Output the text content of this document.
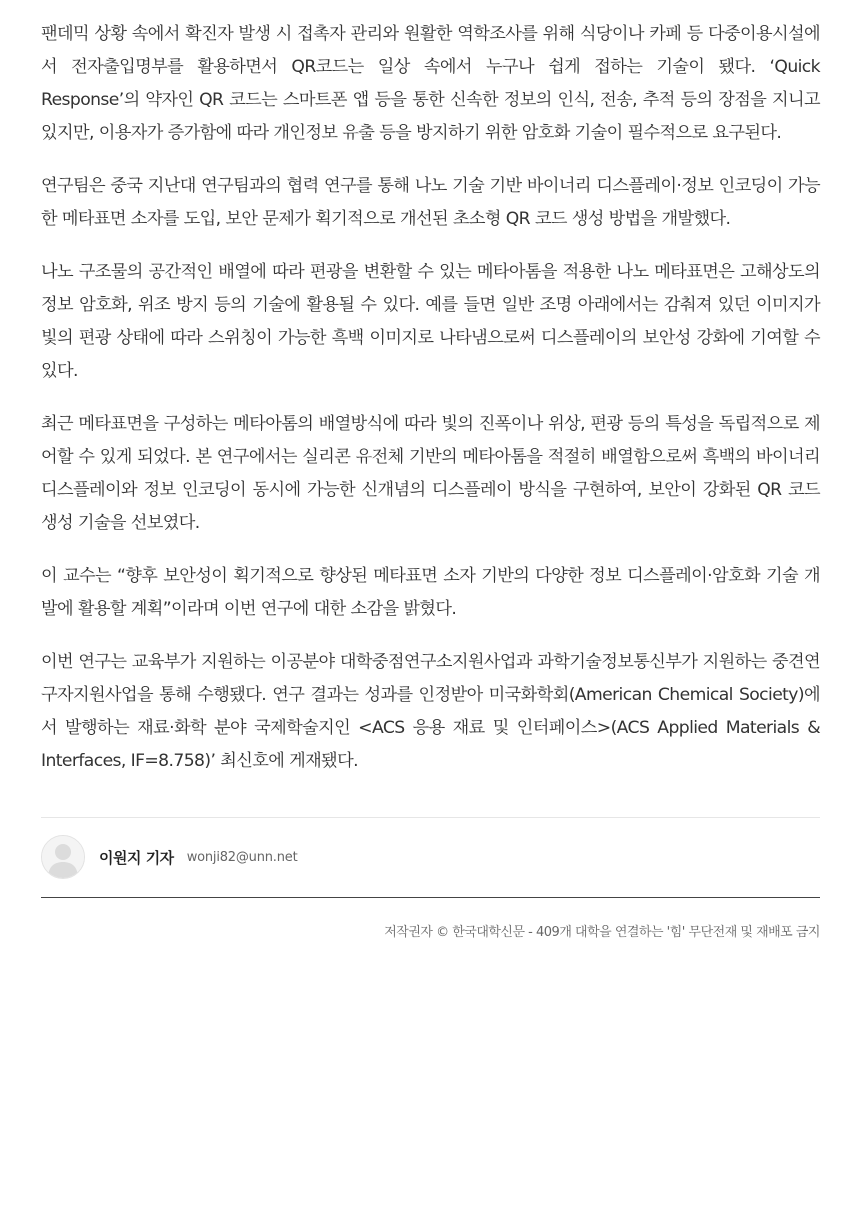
팬데믹 상황 속에서 확진자 발생 시 접촉자 관리와 원활한 역학조사를 위해 식당이나 카페 등 다중이용시설에서 전자출입명부를 활용하면서 QR코드는 일상 속에서 누구나 쉽게 접하는 기술이 됐다. ‘Quick Response’의 약자인 QR 코드는 스마트폰 앱 등을 통한 신속한 정보의 인식, 전송, 추적 등의 장점을 지니고 있지만, 이용자가 증가함에 따라 개인정보 유출 등을 방지하기 위한 암호화 기술이 필수적으로 요구된다.

연구팀은 중국 지난대 연구팀과의 협력 연구를 통해 나노 기술 기반 바이너리 디스플레이·정보 인코딩이 가능한 메타표면 소자를 도입, 보안 문제가 획기적으로 개선된 초소형 QR 코드 생성 방법을 개발했다.

나노 구조물의 공간적인 배열에 따라 편광을 변환할 수 있는 메타아톰을 적용한 나노 메타표면은 고해상도의 정보 암호화, 위조 방지 등의 기술에 활용될 수 있다. 예를 들면 일반 조명 아래에서는 감춰져 있던 이미지가 빛의 편광 상태에 따라 스위칭이 가능한 흑백 이미지로 나타냄으로써 디스플레이의 보안성 강화에 기여할 수 있다.

최근 메타표면을 구성하는 메타아톰의 배열방식에 따라 빛의 진폭이나 위상, 편광 등의 특성을 독립적으로 제어할 수 있게 되었다. 본 연구에서는 실리콘 유전체 기반의 메타아톰을 적절히 배열함으로써 흑백의 바이너리 디스플레이와 정보 인코딩이 동시에 가능한 신개념의 디스플레이 방식을 구현하여, 보안이 강화된 QR 코드 생성 기술을 선보였다.

이 교수는 “향후 보안성이 획기적으로 향상된 메타표면 소자 기반의 다양한 정보 디스플레이·암호화 기술 개발에 활용할 계획”이라며 이번 연구에 대한 소감을 밝혔다.

이번 연구는 교육부가 지원하는 이공분야 대학중점연구소지원사업과 과학기술정보통신부가 지원하는 중견연구자지원사업을 통해 수행됐다. 연구 결과는 성과를 인정받아 미국화학회(American Chemical Society)에서 발행하는 재료·화학 분야 국제학술지인 <ACS 응용 재료 및 인터페이스>(ACS Applied Materials & Interfaces, IF=8.758)’ 최신호에 게재됐다.

이원지 기자 wonji82@unn.net
저작권자 © 한국대학신문 - 409개 대학을 연결하는 '힘' 무단전재 및 재배포 금지
